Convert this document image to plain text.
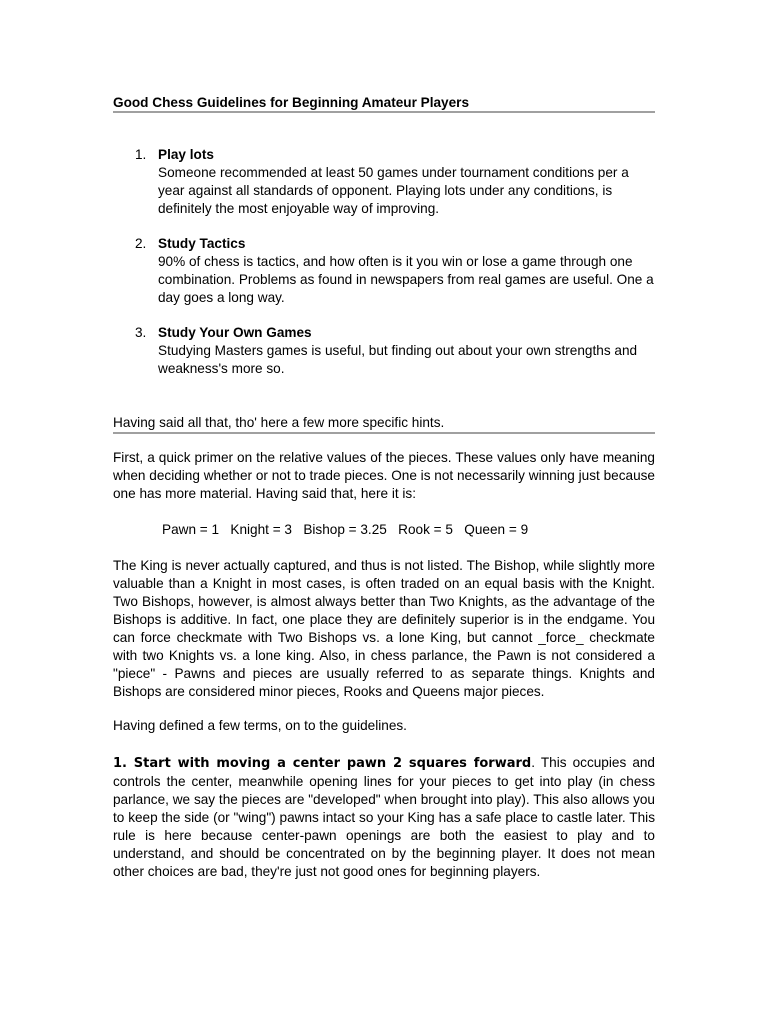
Good Chess Guidelines for Beginning Amateur Players
1. Play lots
Someone recommended at least 50 games under tournament conditions per a year against all standards of opponent. Playing lots under any conditions, is definitely the most enjoyable way of improving.
2. Study Tactics
90% of chess is tactics, and how often is it you win or lose a game through one combination. Problems as found in newspapers from real games are useful. One a day goes a long way.
3. Study Your Own Games
Studying Masters games is useful, but finding out about your own strengths and weakness's more so.
Having said all that, tho' here a few more specific hints.
First, a quick primer on the relative values of the pieces. These values only have meaning when deciding whether or not to trade pieces. One is not necessarily winning just because one has more material. Having said that, here it is:
Pawn = 1   Knight = 3   Bishop = 3.25   Rook = 5   Queen = 9
The King is never actually captured, and thus is not listed. The Bishop, while slightly more valuable than a Knight in most cases, is often traded on an equal basis with the Knight. Two Bishops, however, is almost always better than Two Knights, as the advantage of the Bishops is additive. In fact, one place they are definitely superior is in the endgame. You can force checkmate with Two Bishops vs. a lone King, but cannot _force_ checkmate with two Knights vs. a lone king. Also, in chess parlance, the Pawn is not considered a "piece" - Pawns and pieces are usually referred to as separate things. Knights and Bishops are considered minor pieces, Rooks and Queens major pieces.
Having defined a few terms, on to the guidelines.
1. Start with moving a center pawn 2 squares forward. This occupies and controls the center, meanwhile opening lines for your pieces to get into play (in chess parlance, we say the pieces are "developed" when brought into play). This also allows you to keep the side (or "wing") pawns intact so your King has a safe place to castle later. This rule is here because center-pawn openings are both the easiest to play and to understand, and should be concentrated on by the beginning player. It does not mean other choices are bad, they're just not good ones for beginning players.
